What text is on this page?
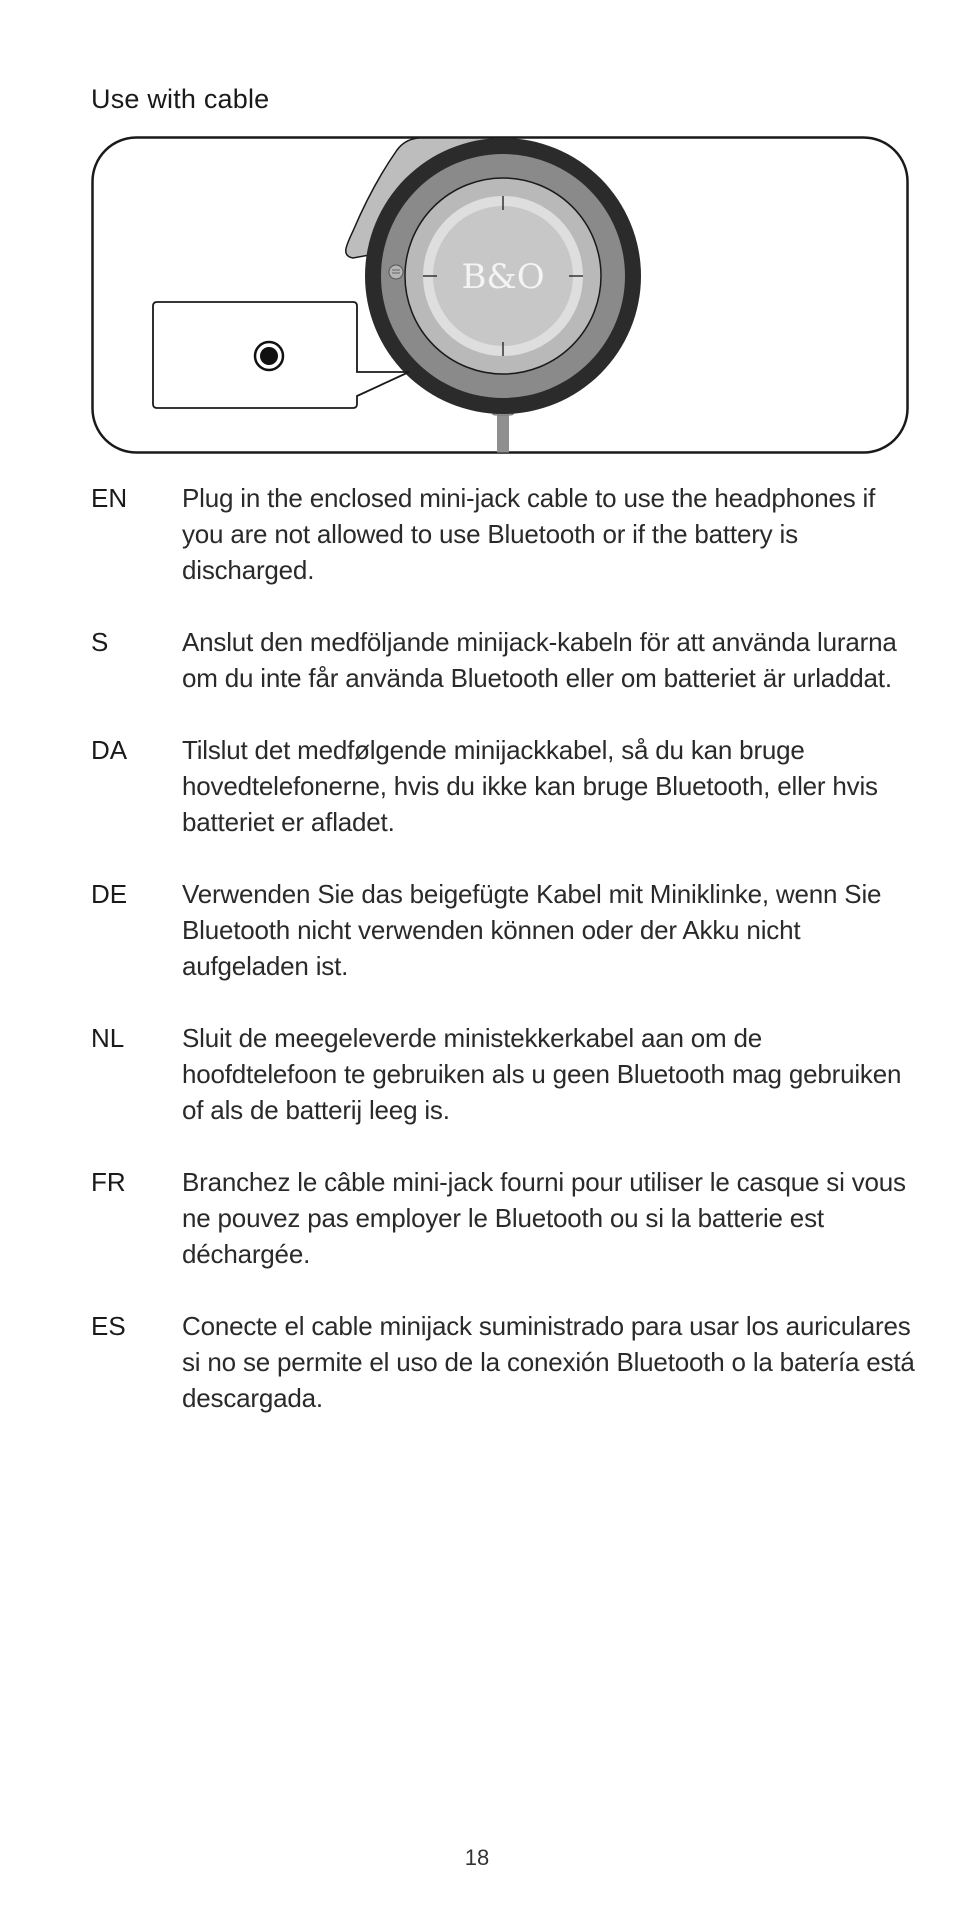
Use with cable
B&O
EN	Plug in the enclosed mini-jack cable to use the headphones if you are not allowed to use Bluetooth or if the battery is discharged.

S	Anslut den medföljande minijack-kabeln för att använda lurarna om du inte får använda Bluetooth eller om batteriet är urladdat.

DA	Tilslut det medfølgende minijackkabel, så du kan bruge hovedtelefonerne, hvis du ikke kan bruge Bluetooth, eller hvis batteriet er afladet.

DE	Verwenden Sie das beigefügte Kabel mit Miniklinke, wenn Sie Bluetooth nicht verwenden können oder der Akku nicht aufgeladen ist.

NL	Sluit de meegeleverde ministekkerkabel aan om de hoofdtelefoon te gebruiken als u geen Bluetooth mag gebruiken of als de batterij leeg is.

FR	Branchez le câble mini-jack fourni pour utiliser le casque si vous ne pouvez pas employer le Bluetooth ou si la batterie est déchargée.

ES	Conecte el cable minijack suministrado para usar los auriculares si no se permite el uso de la conexión Bluetooth o la batería está descargada.

18
